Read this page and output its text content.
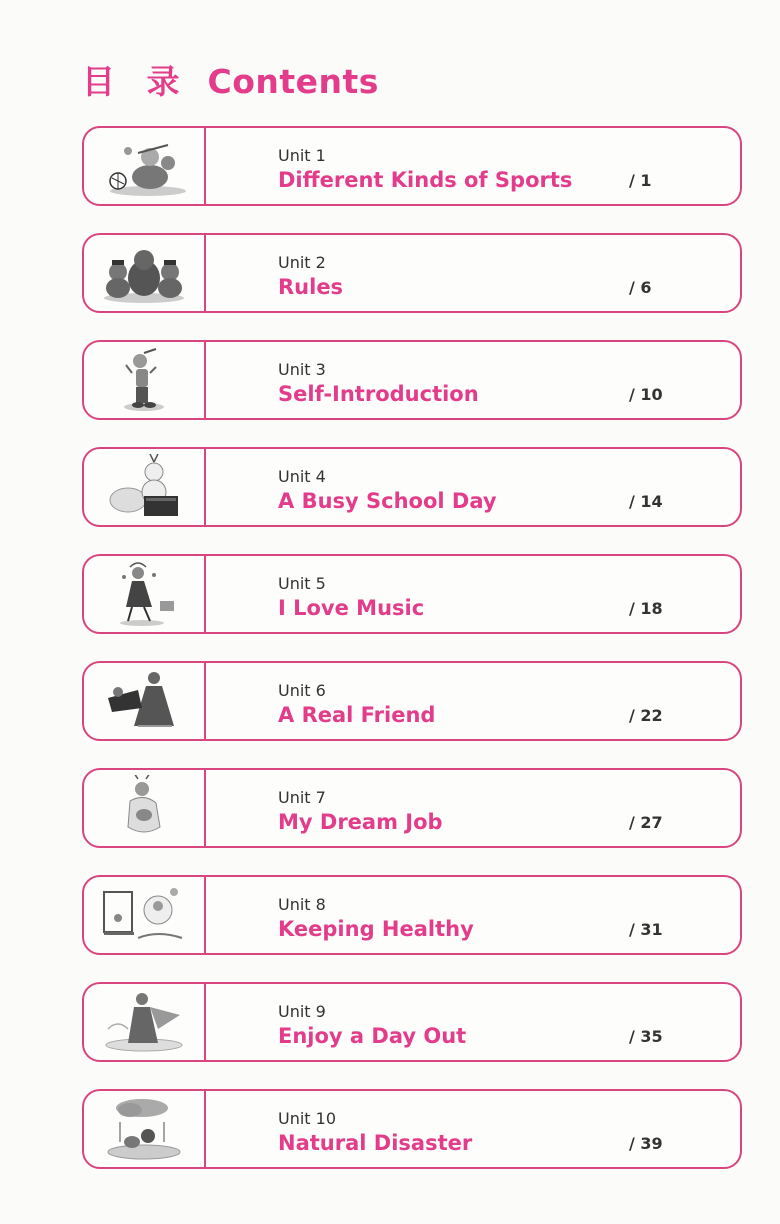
目 录 Contents
Unit 1
Different Kinds of Sports	/ 1
Unit 2
Rules	/ 6
Unit 3
Self-Introduction	/ 10
Unit 4
A Busy School Day	/ 14
Unit 5
I Love Music	/ 18
Unit 6
A Real Friend	/ 22
Unit 7
My Dream Job	/ 27
Unit 8
Keeping Healthy	/ 31
Unit 9
Enjoy a Day Out	/ 35
Unit 10
Natural Disaster	/ 39
